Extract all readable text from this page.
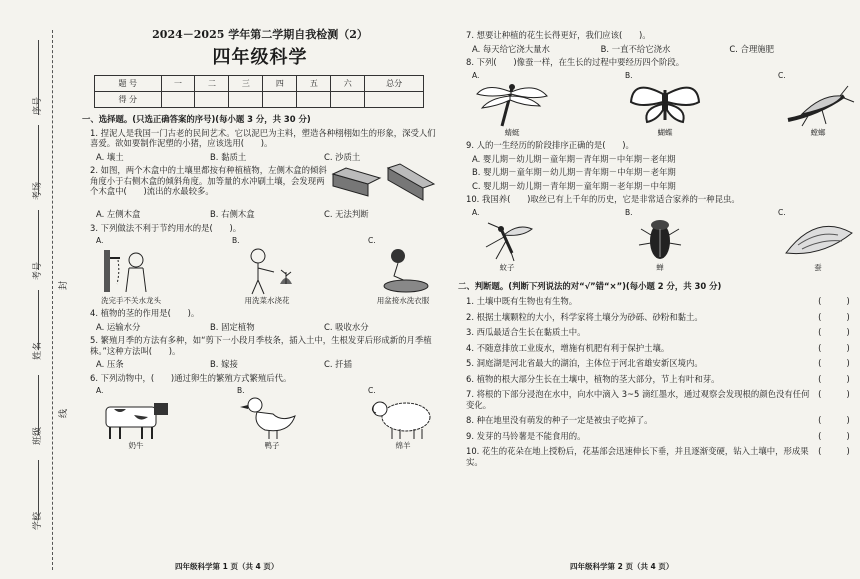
序号
考场
考号
封
姓名
线
班级
学校
2024－2025 学年第二学期自我检测（2）
四年级科学
题 号	一	二	三	四	五	六	总分
得 分							
一、选择题。(只选正确答案的序号)(每小题 3 分，共 30 分)
1. 捏泥人是我国一门古老的民间艺术。它以泥巴为主料，塑造各种栩栩如生的形象，深受人们喜爱。欲如要制作泥塑的小猪，应该选用(　　)。
A. 壤土	B. 黏质土	C. 沙质土
2. 如图，两个木盒中的土壤里都按有种植植物，左侧木盒的倾斜角度小于右侧木盒的倾斜角度。加等量的水冲刷土壤，会发现两个木盒中(　　)流出的水最较多。
A. 左侧木盒	B. 右侧木盒	C. 无法判断
3. 下列做法不利于节约用水的是(　　)。
A.
洗完手不关水龙头
B.
用洗菜水浇花
C.
用盆接水洗衣服
4. 植物的茎的作用是(　　)。
A. 运输水分	B. 固定植物	C. 吸收水分
5. 繁殖月季的方法有多种，如“剪下一小段月季枝条，插入土中，生根发芽后形成新的月季植株。”这种方法叫(　　)。
A. 压条	B. 嫁接	C. 扦插
6. 下列动物中，(　　)通过卵生的繁殖方式繁殖后代。
A.
奶牛
B.
鸭子
C.
绵羊
四年级科学第 1 页（共 4 页）
7. 想要让种植的花生长得更好，我们应该(　　)。
A. 每天给它浇大量水	B. 一直不给它浇水	C. 合理施肥
8. 下列(　　)像蚕一样，在生长的过程中要经历四个阶段。
A.
蜻蜓
B.
蝴蝶
C.
螳螂
9. 人的一生经历的阶段排序正确的是(　　)。
A. 婴儿期－幼儿期－童年期－青年期－中年期－老年期
B. 婴儿期－童年期－幼儿期－青年期－中年期－老年期
C. 婴儿期－幼儿期－青年期－童年期－老年期－中年期
10. 我国养(　　)取丝已有上千年的历史，它是非常适合家养的一种昆虫。
A.
蚊子
B.
蝉
C.
蚕
二、判断题。(判断下列说法的对“√”错“×”)(每小题 2 分，共 30 分)
1. 土壤中既有生物也有生物。	(　　　)
2. 根据土壤颗粒的大小，科学家将土壤分为砂砾、砂粉和黏土。	(　　　)
3. 西瓜最适合生长在黏质土中。	(　　　)
4. 不随意排放工业废水，增施有机肥有利于保护土壤。	(　　　)
5. 洞庭湖是河北省最大的湖泊，主体位于河北省雄安新区境内。	(　　　)
6. 植物的根大部分生长在土壤中，植物的茎大部分，节上有叶和芽。	(　　　)
7. 将根的下部分浸泡在水中，向水中滴入 3~5 滴红墨水，通过观察会发现根的颜色没有任何变化。
(　　　)
8. 种在地里没有萌发的种子一定是被虫子吃掉了。	(　　　)
9. 发芽的马铃薯是不能食用的。	(　　　)
10. 花生的花朵在地上授粉后，花基部会迅速伸长下垂，并且逐渐变硬，钻入土壤中，形成果实。
(　　　)
四年级科学第 2 页（共 4 页）
